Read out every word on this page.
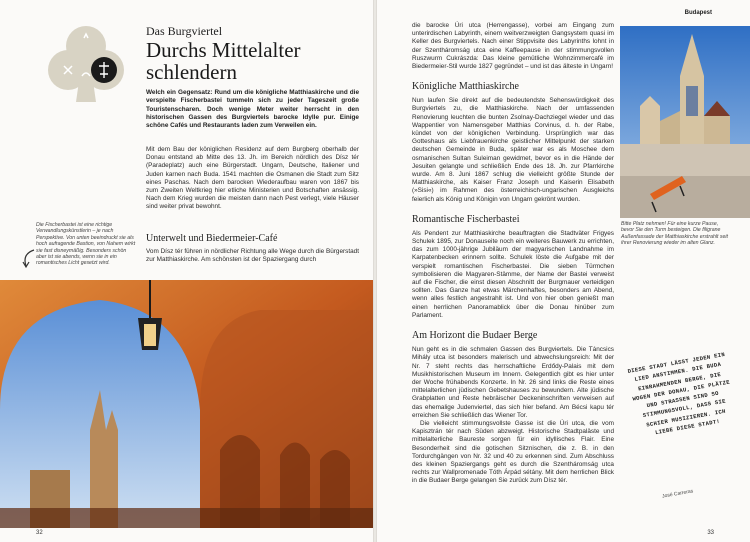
Das Burgviertel
Durchs Mittelalter schlendern
Welch ein Gegensatz: Rund um die königliche Matthiaskirche und die verspielte Fischerbastei tummeln sich zu jeder Tageszeit große Touristenscharen. Doch wenige Meter weiter herrscht in den historischen Gassen des Burgviertels barocke Idylle pur. Einige schöne Cafés und Restaurants laden zum Verweilen ein.
Mit dem Bau der königlichen Residenz auf dem Burgberg oberhalb der Donau entstand ab Mitte des 13. Jh. im Bereich nördlich des Dísz tér (Paradeplatz) auch eine Bürgerstadt. Ungarn, Deutsche, Italiener und Juden karnen nach Buda. 1541 machten die Osmanen die Stadt zum Sitz eines Paschas. Nach dem barocken Wiederaufbau waren von 1867 bis zum Zweiten Weltkrieg hier etliche Ministerien und Botschaften ansässig. Nach dem Krieg wurden die meisten dann nach Pest verlegt, viele Häuser sind weiter privat bewohnt.
Unterwelt und Biedermeier-Café
Vom Dísz tér führen in nördlicher Richtung alle Wege durch die Bürgerstadt zur Matthiaskirche. Am schönsten ist der Spaziergang durch
Die Fischerbastei ist eine richtige Verwandlungskünstlerin – je nach Perspektive. Von unten beeindruckt sie als hoch aufragende Bastion, von Nahem wirkt sie fast disneymäßig. Besonders schön aber ist sie abends, wenn sie in ein romantisches Licht gesetzt wird.
32
Budapest
die barocke Úri utca (Herrengasse), vorbei am Eingang zum unterirdischen Labyrinth, einem weitverzweigten Gangsystem quasi im Keller des Burgviertels. Nach einer Stippvisite des Labyrinths lohnt in der Szentháromság utca eine Kaffeepause in der stimmungsvollen Ruszwurm Cukrászda: Das kleine gemütliche Wohnzimmercafé im Biedermeier-Stil wurde 1827 gegründet – und ist das älteste in Ungarn!
Königliche Matthiaskirche
Nun laufen Sie direkt auf die bedeutendste Sehenswürdigkeit des Burgviertels zu, die Matthiaskirche. Nach der umfassenden Renovierung leuchten die bunten Zsolnay-Dachziegel wieder und das Wappentier von Namensgeber Matthias Corvinus, d. h. der Rabe, kündet von der königlichen Verbindung. Ursprünglich war das Gotteshaus als Liebfrauenkirche geistlicher Mittelpunkt der starken deutschen Gemeinde in Buda, später war es als Moschee dem osmanischen Sultan Suleiman gewidmet, bevor es in die Hände der Jesuiten gelangte und schließlich Ende des 18. Jh. zur Pfarrkirche wurde. Am 8. Juni 1867 schlug die vielleicht größte Stunde der Matthiaskirche, als Kaiser Franz Joseph und Kaiserin Elisabeth (»Sisi«) im Rahmen des österreichisch-ungarischen Ausgleichs feierlich als König und Königin von Ungarn gekrönt wurden.
Romantische Fischerbastei
Als Pendent zur Matthiaskirche beauftragten die Stadtväter Frigyes Schulek 1895, zur Donauseite noch ein weiteres Bauwerk zu errichten, das zum 1000-jährige Jubiläum der magyarischen Landnahme im Karpatenbecken erinnern sollte. Schulek löste die Aufgabe mit der verspielt romantischen Fischerbastei. Die sieben Türmchen symbolisieren die Magyaren-Stämme, der Name der Bastei verweist auf die Fischer, die einst diesen Abschnitt der Burgmauer verteidigen sollten. Das Ganze hat etwas Märchenhaftes, besonders am Abend, wenn alles festlich angestrahlt ist. Und von hier oben genießt man einen herrlichen Panoramablick über die Donau hinüber zum Parlament.
Am Horizont die Budaer Berge
Nun geht es in die schmalen Gassen des Burgviertels. Die Táncsics Mihály utca ist besonders malerisch und abwechslungsreich: Mit der Nr. 7 steht rechts das herrschaftliche Erdődy-Palais mit dem Musikhistorischen Museum im Innern. Gelegentlich gibt es hier unter der Woche frühabends Konzerte. In Nr. 26 sind links die Reste eines mittelalterlichen jüdischen Gebetshauses zu bewundern. Alte jüdische Grabplatten und Reste hebräischer Deckeninschriften verweisen auf das ehemalige Judenviertel, das sich hier befand. Am Bécsi kapu tér erreichen Sie schließlich das Wiener Tor.
Die vielleicht stimmungsvollste Gasse ist die Úri utca, die vom Kapisztrán tér nach Süden abzweigt. Historische Stadtpaläste und mittelalterliche Baureste sorgen für ein idyllisches Flair. Eine Besonderheit sind die gotischen Sitznischen, die z. B. in den Tordurchgängen von Nr. 32 und 40 zu erkennen sind. Zum Abschluss des kleinen Spaziergangs geht es durch die Szentháromság utca rechts zur Wallpromenade Tóth Árpád sétány. Mit dem herrlichen Blick in die Budaer Berge gelangen Sie zurück zum Dísz tér.
Bitte Platz nehmen! Für eine kurze Pause, bevor Sie den Turm besteigen. Die filigrane Außenfassade der Matthiaskirche erstrahlt seit ihrer Renovierung wieder im alten Glanz.
DIESE STADT LÄSST JEDEN EIN LIED ANSTIMMEN. DIE BUDA EINRAHMENDEN BERGE, DIE WOGEN DER DONAU, DIE PLÄTZE UND STRASSEN SIND SO STIMMUNGSVOLL, DASS SIE SCHIER MUSIZIEREN. ICH LIEBE DIESE STADT!
José Carreras
33
